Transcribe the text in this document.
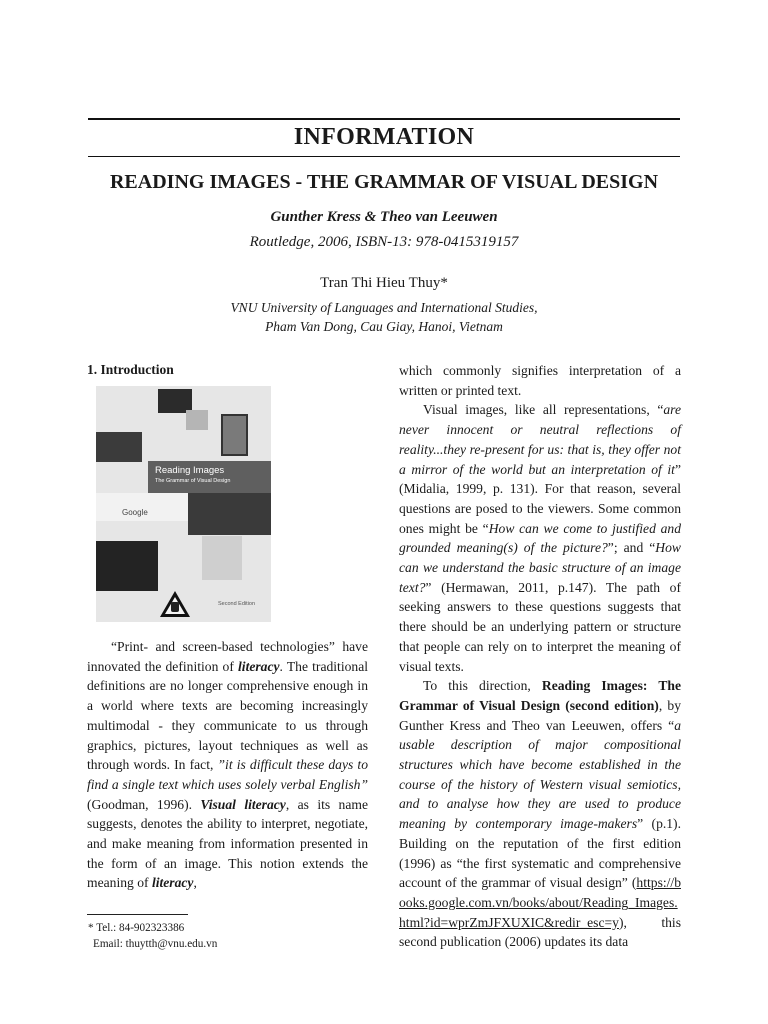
INFORMATION
READING IMAGES - THE GRAMMAR OF VISUAL DESIGN

Gunther Kress & Theo van Leeuwen

Routledge, 2006, ISBN-13: 978-0415319157

Tran Thi Hieu Thuy*

VNU University of Languages and International Studies,

Pham Van Dong, Cau Giay, Hanoi, Vietnam

1. Introduction
Reading Images
The Grammar of Visual Design
Google
Second Edition

“Print- and screen-based technologies” have innovated the definition of literacy. The traditional definitions are no longer comprehensive enough in a world where texts are becoming increasingly multimodal - they communicate to us through graphics, pictures, layout techniques as well as through words. In fact, ”it is difficult these days to find a single text which uses solely verbal English” (Goodman, 1996). Visual literacy, as its name suggests, denotes the ability to interpret, negotiate, and make meaning from information presented in the form of an image. This notion extends the meaning of literacy,

which commonly signifies interpretation of a written or printed text.

Visual images, like all representations, “are never innocent or neutral reflections of reality...they re-present for us: that is, they offer not a mirror of the world but an interpretation of it” (Midalia, 1999, p. 131). For that reason, several questions are posed to the viewers. Some common ones might be “How can we come to justified and grounded meaning(s) of the picture?”; and “How can we understand the basic structure of an image text?” (Hermawan, 2011, p.147). The path of seeking answers to these questions suggests that there should be an underlying pattern or structure that people can rely on to interpret the meaning of visual texts.

To this direction, Reading Images: The Grammar of Visual Design (second edition), by Gunther Kress and Theo van Leeuwen, offers “a usable description of major compositional structures which have become established in the course of the history of Western visual semiotics, and to analyse how they are used to produce meaning by contemporary image-makers” (p.1). Building on the reputation of the first edition (1996) as “the first systematic and comprehensive account of the grammar of visual design” (https://books.google.com.vn/books/about/Reading_Images.html?id=wprZmJFXUXIC&redir_esc=y), this second publication (2006) updates its data

* Tel.: 84-902323386

Email: thuytth@vnu.edu.vn
